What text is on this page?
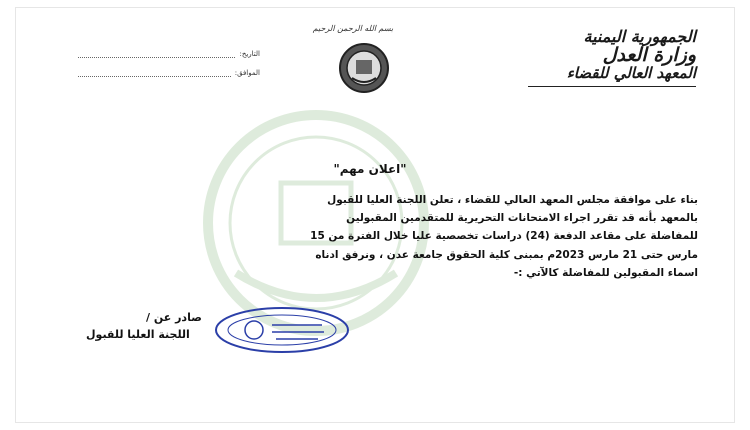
الجمهورية اليمنية
وزارة العدل
المعهد العالي للقضاء
بسم الله الرحمن الرحيم
التاريخ:
الموافق:
"اعلان مهم"
بناء على موافقة مجلس المعهد العالي للقضاء ، تعلن اللجنة العليا للقبول
بالمعهد بأنه قد تقرر اجراء الامتحانات التحريرية للمتقدمين المقبولين
للمفاضلة على مقاعد الدفعة (24) دراسات تخصصية عليا خلال الفترة من 15
مارس حتى 21 مارس 2023م بمبنى كلية الحقوق جامعة عدن ، ونرفق ادناه
اسماء المقبولين للمفاضلة كالآتي :-
صادر عن /
اللجنة العليا للقبول
